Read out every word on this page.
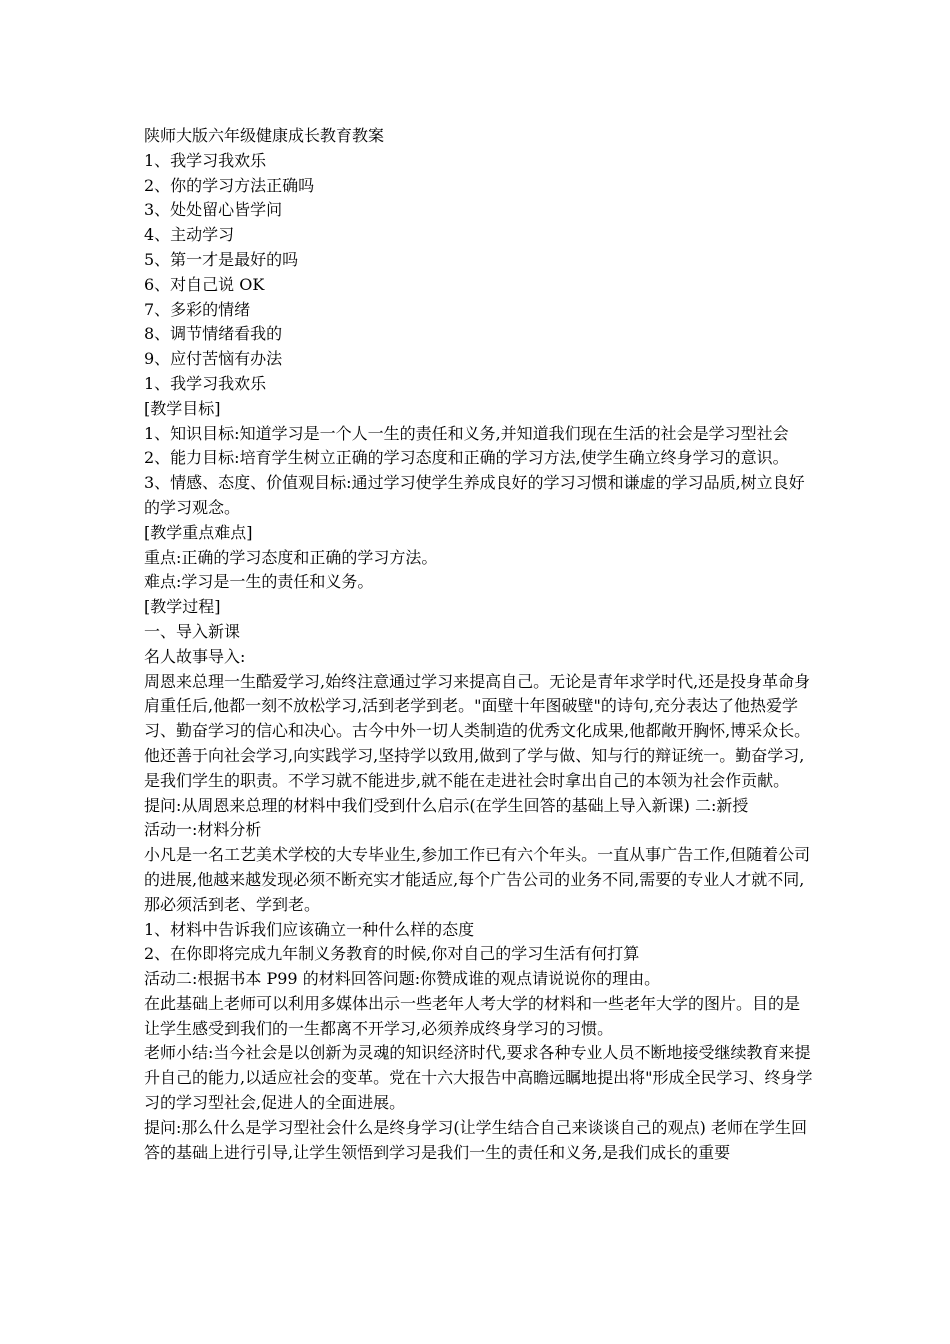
陕师大版六年级健康成长教育教案
1、我学习我欢乐
2、你的学习方法正确吗
3、处处留心皆学问
4、主动学习
5、第一才是最好的吗
6、对自己说 OK
7、多彩的情绪
8、调节情绪看我的
9、应付苦恼有办法
1、我学习我欢乐
[教学目标]
1、知识目标:知道学习是一个人一生的责任和义务,并知道我们现在生活的社会是学习型社会
2、能力目标:培育学生树立正确的学习态度和正确的学习方法,使学生确立终身学习的意识。
3、情感、态度、价值观目标:通过学习使学生养成良好的学习习惯和谦虚的学习品质,树立良好的学习观念。
[教学重点难点]
重点:正确的学习态度和正确的学习方法。
难点:学习是一生的责任和义务。
[教学过程]
一、导入新课
名人故事导入:
周恩来总理一生酷爱学习,始终注意通过学习来提高自己。无论是青年求学时代,还是投身革命身肩重任后,他都一刻不放松学习,活到老学到老。"面壁十年图破壁"的诗句,充分表达了他热爱学习、勤奋学习的信心和决心。古今中外一切人类制造的优秀文化成果,他都敞开胸怀,博采众长。他还善于向社会学习,向实践学习,坚持学以致用,做到了学与做、知与行的辩证统一。勤奋学习,是我们学生的职责。不学习就不能进步,就不能在走进社会时拿出自己的本领为社会作贡献。
提问:从周恩来总理的材料中我们受到什么启示(在学生回答的基础上导入新课) 二:新授
活动一:材料分析
小凡是一名工艺美术学校的大专毕业生,参加工作已有六个年头。一直从事广告工作,但随着公司的进展,他越来越发现必须不断充实才能适应,每个广告公司的业务不同,需要的专业人才就不同,那必须活到老、学到老。
1、材料中告诉我们应该确立一种什么样的态度
2、在你即将完成九年制义务教育的时候,你对自己的学习生活有何打算
活动二:根据书本 P99 的材料回答问题:你赞成谁的观点请说说你的理由。
在此基础上老师可以利用多媒体出示一些老年人考大学的材料和一些老年大学的图片。目的是让学生感受到我们的一生都离不开学习,必须养成终身学习的习惯。
老师小结:当今社会是以创新为灵魂的知识经济时代,要求各种专业人员不断地接受继续教育来提升自己的能力,以适应社会的变革。党在十六大报告中高瞻远瞩地提出将"形成全民学习、终身学习的学习型社会,促进人的全面进展。
提问:那么什么是学习型社会什么是终身学习(让学生结合自己来谈谈自己的观点) 老师在学生回答的基础上进行引导,让学生领悟到学习是我们一生的责任和义务,是我们成长的重要
